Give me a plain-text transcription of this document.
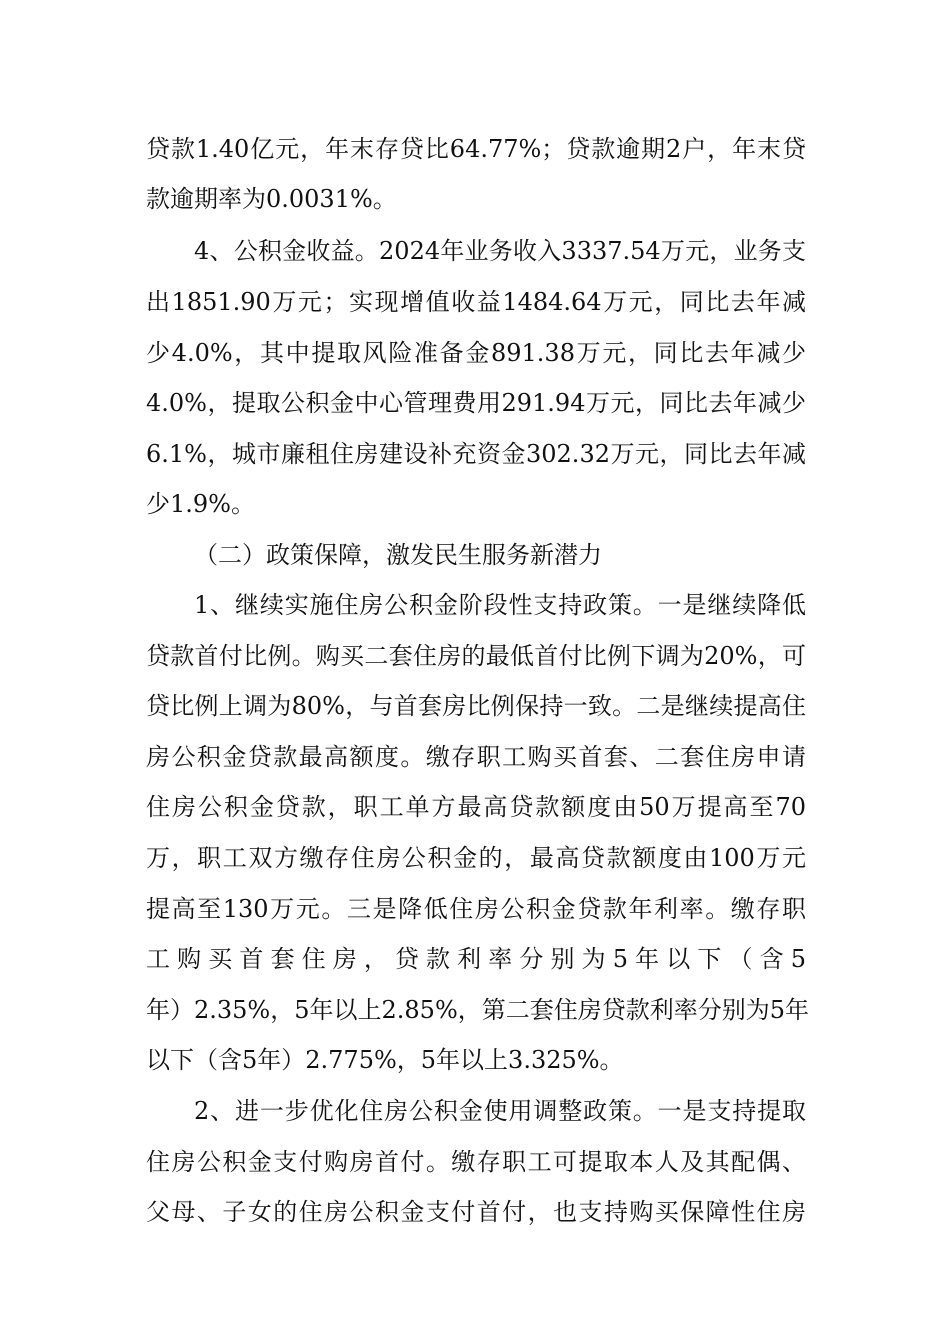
贷款1.40亿元，年末存贷比64.77%；贷款逾期2户，年末贷
款逾期率为0.0031%。
4、公积金收益。2024年业务收入3337.54万元，业务支
出1851.90万元；实现增值收益1484.64万元，同比去年减
少4.0%，其中提取风险准备金891.38万元，同比去年减少
4.0%，提取公积金中心管理费用291.94万元，同比去年减少
6.1%，城市廉租住房建设补充资金302.32万元，同比去年减
少1.9%。
（二）政策保障，激发民生服务新潜力
1、继续实施住房公积金阶段性支持政策。一是继续降低
贷款首付比例。购买二套住房的最低首付比例下调为20%，可
贷比例上调为80%，与首套房比例保持一致。二是继续提高住
房公积金贷款最高额度。缴存职工购买首套、二套住房申请
住房公积金贷款，职工单方最高贷款额度由50万提高至70
万，职工双方缴存住房公积金的，最高贷款额度由100万元
提高至130万元。三是降低住房公积金贷款年利率。缴存职
工购买首套住房，贷款利率分别为5年以下（含5
年）2.35%，5年以上2.85%，第二套住房贷款利率分别为5年
以下（含5年）2.775%，5年以上3.325%。
2、进一步优化住房公积金使用调整政策。一是支持提取
住房公积金支付购房首付。缴存职工可提取本人及其配偶、
父母、子女的住房公积金支付首付，也支持购买保障性住房
